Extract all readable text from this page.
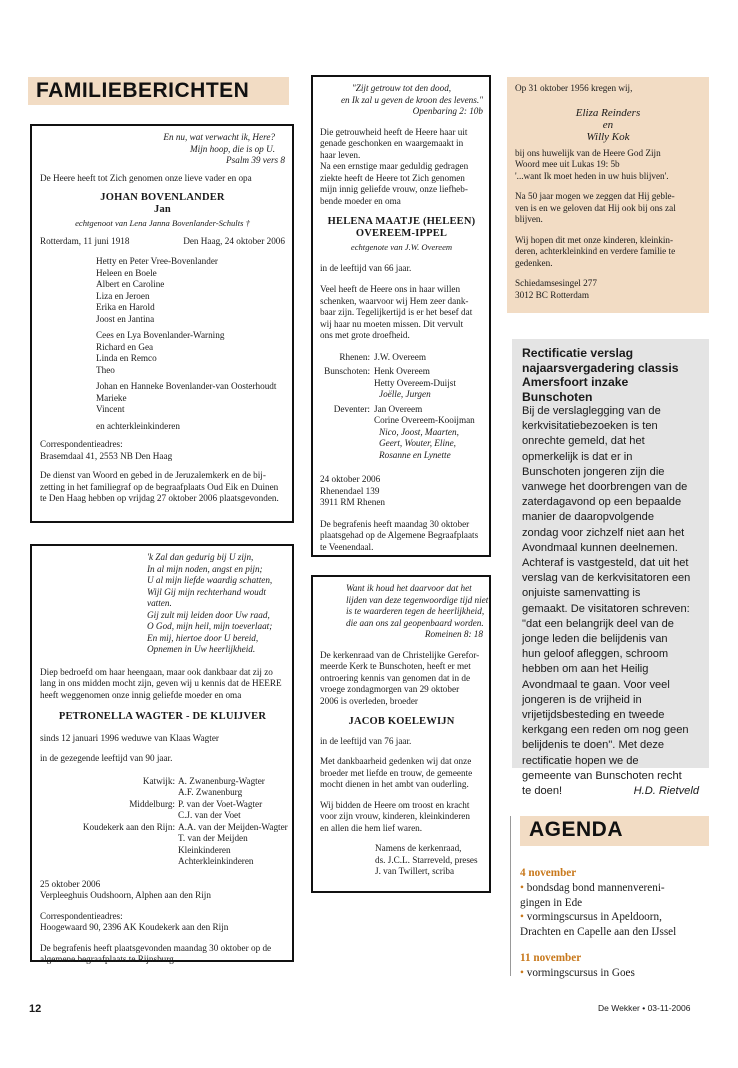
FAMILIEBERICHTEN
En nu, wat verwacht ik, Here?
Mijn hoop, die is op U.
Psalm 39 vers 8
De Heere heeft tot Zich genomen onze lieve vader en opa
JOHAN BOVENLANDER
Jan
echtgenoot van Lena Janna Bovenlander-Schults †
Rotterdam, 11 juni 1918	Den Haag, 24 oktober 2006
Hetty en Peter Vree-Bovenlander
Heleen en Boele
Albert en Caroline
Liza en Jeroen
Erika en Harold
Joost en Jantina
Cees en Lya Bovenlander-Warning
Richard en Gea
Linda en Remco
Theo
Johan en Hanneke Bovenlander-van Oosterhoudt
Marieke
Vincent
en achterkleinkinderen
Correspondentieadres:
Brasemdaal 41, 2553 NB Den Haag
De dienst van Woord en gebed in de Jeruzalemkerk en de bij-
zetting in het familiegraf op de begraafplaats Oud Eik en Duinen
te Den Haag hebben op vrijdag 27 oktober 2006 plaatsgevonden.
'k Zal dan gedurig bij U zijn,
In al mijn noden, angst en pijn;
U al mijn liefde waardig schatten,
Wijl Gij mijn rechterhand woudt vatten.
Gij zult mij leiden door Uw raad,
O God, mijn heil, mijn toeverlaat;
En mij, hiertoe door U bereid,
Opnemen in Uw heerlijkheid.
Diep bedroefd om haar heengaan, maar ook dankbaar dat zij zo
lang in ons midden mocht zijn, geven wij u kennis dat de HEERE
heeft weggenomen onze innig geliefde moeder en oma
PETRONELLA WAGTER - DE KLUIJVER
sinds 12 januari 1996 weduwe van Klaas Wagter
in de gezegende leeftijd van 90 jaar.
Katwijk: A. Zwanenburg-Wagter
A.F. Zwanenburg
Middelburg: P. van der Voet-Wagter
C.J. van der Voet
Koudekerk aan den Rijn: A.A. van der Meijden-Wagter
T. van der Meijden
Kleinkinderen
Achterkleinkinderen
25 oktober 2006
Verpleeghuis Oudshoorn, Alphen aan den Rijn
Correspondentieadres:
Hoogewaard 90, 2396 AK Koudekerk aan den Rijn
De begrafenis heeft plaatsgevonden maandag 30 oktober op de
algemene begraafplaats te Rijnsburg.
"Zijt getrouw tot den dood,
en Ik zal u geven de kroon des levens."
Openbaring 2: 10b
Die getrouwheid heeft de Heere haar uit
genade geschonken en waargemaakt in
haar leven.
Na een ernstige maar geduldig gedragen
ziekte heeft de Heere tot Zich genomen
mijn innig geliefde vrouw, onze liefheb-
bende moeder en oma
HELENA MAATJE (HELEEN)
OVEREEM-IPPEL
echtgenote van J.W. Overeem
in de leeftijd van 66 jaar.
Veel heeft de Heere ons in haar willen
schenken, waarvoor wij Hem zeer dank-
baar zijn. Tegelijkertijd is er het besef dat
wij haar nu moeten missen. Dit vervult
ons met grote droefheid.
Rhenen: J.W. Overeem
Bunschoten: Henk Overeem
Hetty Overeem-Duijst
Joëlle, Jurgen
Deventer: Jan Overeem
Corine Overeem-Kooijman
Nico, Joost, Maarten,
Geert, Wouter, Eline,
Rosanne en Lynette
24 oktober 2006
Rhenendael 139
3911 RM Rhenen
De begrafenis heeft maandag 30 oktober
plaatsgehad op de Algemene Begraafplaats
te Veenendaal.
Want ik houd het daarvoor dat het
lijden van deze tegenwoordige tijd niet
is te waarderen tegen de heerlijkheid,
die aan ons zal geopenbaard worden.
Romeinen 8: 18
De kerkenraad van de Christelijke Gerefor-
meerde Kerk te Bunschoten, heeft er met
ontroering kennis van genomen dat in de
vroege zondagmorgen van 29 oktober
2006 is overleden, broeder
JACOB KOELEWIJN
in de leeftijd van 76 jaar.
Met dankbaarheid gedenken wij dat onze
broeder met liefde en trouw, de gemeente
mocht dienen in het ambt van ouderling.
Wij bidden de Heere om troost en kracht
voor zijn vrouw, kinderen, kleinkinderen
en allen die hem lief waren.
Namens de kerkenraad,
ds. J.C.L. Starreveld, preses
J. van Twillert, scriba
Op 31 oktober 1956 kregen wij,
Eliza Reinders
en
Willy Kok
bij ons huwelijk van de Heere God Zijn
Woord mee uit Lukas 19: 5b
'...want Ik moet heden in uw huis blijven'.
Na 50 jaar mogen we zeggen dat Hij geble-
ven is en we geloven dat Hij ook bij ons zal
blijven.
Wij hopen dit met onze kinderen, kleinkin-
deren, achterkleinkind en verdere familie te
gedenken.
Schiedamsesingel 277
3012 BC Rotterdam
Rectificatie verslag
najaarsvergadering classis
Amersfoort inzake
Bunschoten
Bij de verslaglegging van de
kerkvisitatiebezoeken is ten
onrechte gemeld, dat het
opmerkelijk is dat er in
Bunschoten jongeren zijn die
vanwege het doorbrengen van de
zaterdagavond op een bepaalde
manier de daaropvolgende
zondag voor zichzelf niet aan het
Avondmaal kunnen deelnemen.
Achteraf is vastgesteld, dat uit het
verslag van de kerkvisitatoren een
onjuiste samenvatting is
gemaakt. De visitatoren schreven:
"dat een belangrijk deel van de
jonge leden die belijdenis van
hun geloof afleggen, schroom
hebben om aan het Heilig
Avondmaal te gaan. Voor veel
jongeren is de vrijheid in
vrijetijdsbesteding en tweede
kerkgang een reden om nog geen
belijdenis te doen". Met deze
rectificatie hopen we de
gemeente van Bunschoten recht
te doen!	H.D. Rietveld
AGENDA
4 november
• bondsdag bond mannenvereni-
gingen in Ede
• vormingscursus in Apeldoorn,
Drachten en Capelle aan den IJssel
11 november
• vormingscursus in Goes
12	De Wekker • 03-11-2006
